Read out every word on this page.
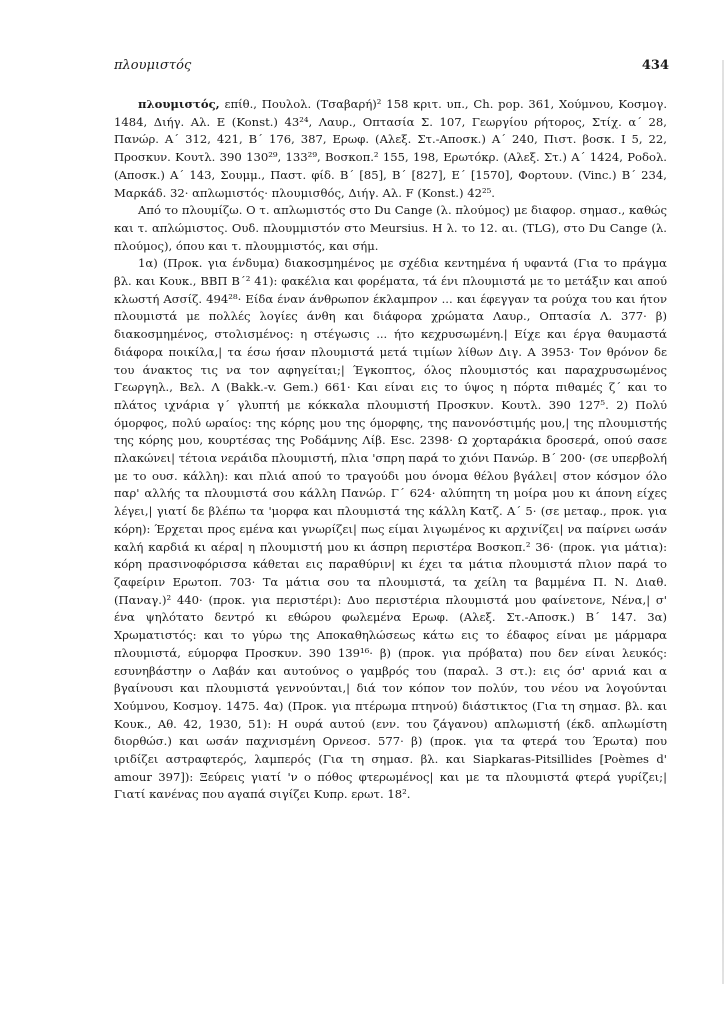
πλουμιστός	434

πλουμιστός, επίθ., Πουλολ. (Τσαβαρή)² 158 κριτ. υπ., Ch. pop. 361, Χούμνου, Κοσμογ. 1484, Διήγ. Αλ. Ε (Konst.) 43²⁴, Λαυρ., Οπτασία Σ. 107, Γεωργίου ρήτορος, Στίχ. α΄ 28, Πανώρ. Α΄ 312, 421, Β΄ 176, 387, Ερωφ. (Αλεξ. Στ.-Αποσκ.) Α΄ 240, Πιστ. βοσκ. I 5, 22, Προσκυν. Κουτλ. 390 130²⁹, 133²⁹, Βοσκοπ.² 155, 198, Ερωτόκρ. (Αλεξ. Στ.) Α΄ 1424, Ροδολ. (Αποσκ.) Α΄ 143, Σουμμ., Παστ. φίδ. Β΄ [85], Β΄ [827], Ε΄ [1570], Φορτουν. (Vinc.) Β΄ 234, Μαρκάδ. 32· απλωμιστός· πλουμισθός, Διήγ. Αλ. F (Konst.) 42²⁵.

Από το πλουμίζω. Ο τ. απλωμιστός στο Du Cange (λ. πλούμος) με διαφορ. σημασ., καθώς και τ. απλώμιστος. Ουδ. πλουμμιστόν στο Meursius. Η λ. το 12. αι. (TLG), στο Du Cange (λ. πλούμος), όπου και τ. πλουμμιστός, και σήμ.

1α) (Προκ. για ένδυμα) διακοσμημένος με σχέδια κεντημένα ή υφαντά (Για το πράγμα βλ. και Κουκ., ΒΒΠ Β΄² 41): φακέλια και φορέματα, τά ένι πλουμιστά με το μετάξιν και απού κλωστή Ασσίζ. 494²⁸· Είδα έναν άνθρωπον έκλαμπρον ... και έφεγγαν τα ρούχα του και ήτον πλουμιστά με πολλές λογίες άνθη και διάφορα χρώματα Λαυρ., Οπτασία Λ. 377· β) διακοσμημένος, στολισμένος: η στέγωσις ... ήτο κεχρυσωμένη.| Είχε και έργα θαυμαστά διάφορα ποικίλα,| τα έσω ήσαν πλουμιστά μετά τιμίων λίθων Διγ. Α 3953· Τον θρόνον δε του άνακτος τις να τον αφηγείται;| Έγκοπτος, όλος πλουμιστός και παραχρυσωμένος Γεωργηλ., Βελ. Λ (Bakk.-v. Gem.) 661· Και είναι εις το ύψος η πόρτα πιθαμές ζ΄ και το πλάτος ιχνάρια γ΄ γλυπτή με κόκκαλα πλουμιστή Προσκυν. Κουτλ. 390 127⁵. 2) Πολύ όμορφος, πολύ ωραίος: της κόρης μου της όμορφης, της πανονόστιμής μου,| της πλουμιστής της κόρης μου, κουρτέσας της Ροδάμνης Λίβ. Esc. 2398· Ω χορταράκια δροσερά, οπού σασε πλακώνει| τέτοια νεράιδα πλουμιστή, πλια 'σπρη παρά το χιόνι Πανώρ. Β΄ 200· (σε υπερβολή με το ουσ. κάλλη): και πλιά απού το τραγούδι μου όνομα θέλου βγάλει| στον κόσμον όλο παρ' αλλής τα πλουμιστά σου κάλλη Πανώρ. Γ΄ 624· αλύπητη τη μοίρα μου κι άπονη είχες λέγει,| γιατί δε βλέπω τα 'μορφα και πλουμιστά της κάλλη Κατζ. Α΄ 5· (σε μεταφ., προκ. για κόρη): Έρχεται προς εμένα και γνωρίζει| πως είμαι λιγωμένος κι αρχινίζει| να παίρνει ωσάν καλή καρδιά κι αέρα| η πλουμιστή μου κι άσπρη περιστέρα Βοσκοπ.² 36· (προκ. για μάτια): κόρη πρασινοφόρισσα κάθεται εις παραθύριν| κι έχει τα μάτια πλουμιστά πλιον παρά το ζαφείριν Ερωτοπ. 703· Τα μάτια σου τα πλουμιστά, τα χείλη τα βαμμένα Π. Ν. Διαθ. (Παναγ.)² 440· (προκ. για περιστέρι): Δυο περιστέρια πλουμιστά μου φαίνετονε, Νένα,| σ' ένα ψηλότατο δεντρό κι εθώρου φωλεμένα Ερωφ. (Αλεξ. Στ.-Αποσκ.) Β΄ 147. 3α) Χρωματιστός: και το γύρω της Αποκαθηλώσεως κάτω εις το έδαφος είναι με μάρμαρα πλουμιστά, εύμορφα Προσκυν. 390 139¹⁶· β) (προκ. για πρόβατα) που δεν είναι λευκός: εσυνηβάστην ο Λαβάν και αυτούνος ο γαμβρός του (παραλ. 3 στ.): εις όσ' αρνιά και α βγαίνουσι και πλουμιστά γεννούνται,| διά τον κόπον τον πολύν, του νέου να λογούνται Χούμνου, Κοσμογ. 1475. 4α) (Προκ. για πτέρωμα πτηνού) διάστικτος (Για τη σημασ. βλ. και Κουκ., Αθ. 42, 1930, 51): Η ουρά αυτού (ενν. του ζάγανου) απλωμιστή (έκδ. απλωμίστη διορθώσ.) και ωσάν παχνισμένη Ορνεοσ. 577· β) (προκ. για τα φτερά του Έρωτα) που ιριδίζει αστραφτερός, λαμπερός (Για τη σημασ. βλ. και Siapkaras-Pitsillides [Poèmes d' amour 397]): Ξεύρεις γιατί 'ν ο πόθος φτερωμένος| και με τα πλουμιστά φτερά γυρίζει;| Γιατί κανένας που αγαπά σιγίζει Κυπρ. ερωτ. 18².
